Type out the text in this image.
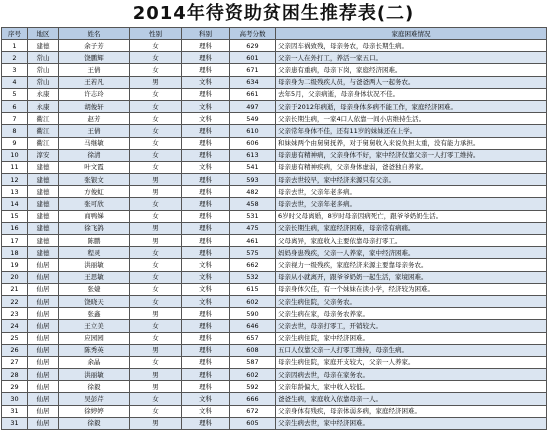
2014年待资助贫困生推荐表(二)
序号	地区	姓名	性别	科别	高考分数	家庭困难情况
1	建德	余子芳	女	理科	629	父亲因车祸致残，母亲务农，母亲长期生病。
2	常山	饶鹏辉	女	理科	601	父亲一人在外打工，养活一家五口。
3	常山	王倩	女	理科	671	父亲患有重病，母亲下岗，家庭经济困难。
4	常山	王若凡	男	文科	634	母亲身为二级残疾人员，与爸爸两人一起务农。
5	永康	许志玲	女	理科	661	去年5月，父亲病逝，母亲身体状况不佳。
6	永康	胡俊轩	女	文科	497	父亲于2012年病逝，母亲身体多病不能工作，家庭经济困难。
7	衢江	赵芳	女	文科	549	父亲长期生病，一家4口人依靠一间小店维持生活。
8	衢江	王倩	女	理科	610	父亲常年身体不佳，还有11岁的妹妹还在上学。
9	衢江	马继敏	女	理科	606	和妹妹两个由舅舅抚养，对于舅舅收入来说负担太重，没有能力承担。
10	淳安	徐清	女	理科	613	母亲患有精神病，父亲身体不好，家中经济仅靠父亲一人打零工维持。
11	建德	叶文霞	女	文科	541	母亲患有精神疾病，父亲身体虚弱，爸爸独自养家。
12	建德	张银文	男	理科	593	母亲去世较早，家中经济来源只有父亲。
13	建德	方俊虹	男	理科	482	母亲去世，父亲年老多病。
14	建德	张可欣	女	理科	458	母亲去世，父亲年老多病。
15	建德	商鸭娣	女	理科	531	6岁时父母离婚，8岁时母亲因病死亡，跟爷爷奶奶生活。
16	建德	徐飞鸽	男	理科	475	父亲长期生病，家庭经济困难，母亲常有病痛。
17	建德	陈鹏	男	理科	461	父母离异，家庭收入主要依靠母亲打零工。
18	建德	程灵	女	理科	575	妈妈身患残疾，父亲一人养家，家中经济困难。
19	仙居	洪丽敏	女	文科	662	父亲视力一级残疾，家庭经济来源主要靠母亲务农。
20	仙居	王思敏	女	文科	532	母亲从小就离开，跟爷爷奶奶一起生活，家境困难。
21	仙居	张婕	女	文科	615	母亲身体欠佳，有一个妹妹在读小学，经济较为困难。
22	仙居	饶晓天	女	文科	602	父亲生病住院，父亲务农。
23	仙居	张鑫	男	理科	590	父亲生病在家，母亲务农养家。
24	仙居	王立美	女	理科	646	父亲去世，母亲打零工，开销较大。
25	仙居	应园园	女	理科	657	父亲生病住院，家中经济困难。
26	仙居	陈秀英	男	理科	608	五口人仅靠父亲一人打零工维持，母亲生病。
27	仙居	余晶	女	理科	587	母亲生病住院，家庭开支较大，父亲一人养家。
28	仙居	洪丽敏	男	理科	602	父亲因病去世，母亲在家务农。
29	仙居	徐毅	男	理科	592	父亲年龄偏大，家中收入较低。
30	仙居	吴彭芹	女	文科	666	爸爸生病，家庭收入依靠母亲一人。
31	仙居	徐婷婷	女	文科	672	父亲身体有残疾，母亲体弱多病，家庭经济困难。
31	仙居	徐毅	男	理科	605	父亲生病去世，家中经济困难。
